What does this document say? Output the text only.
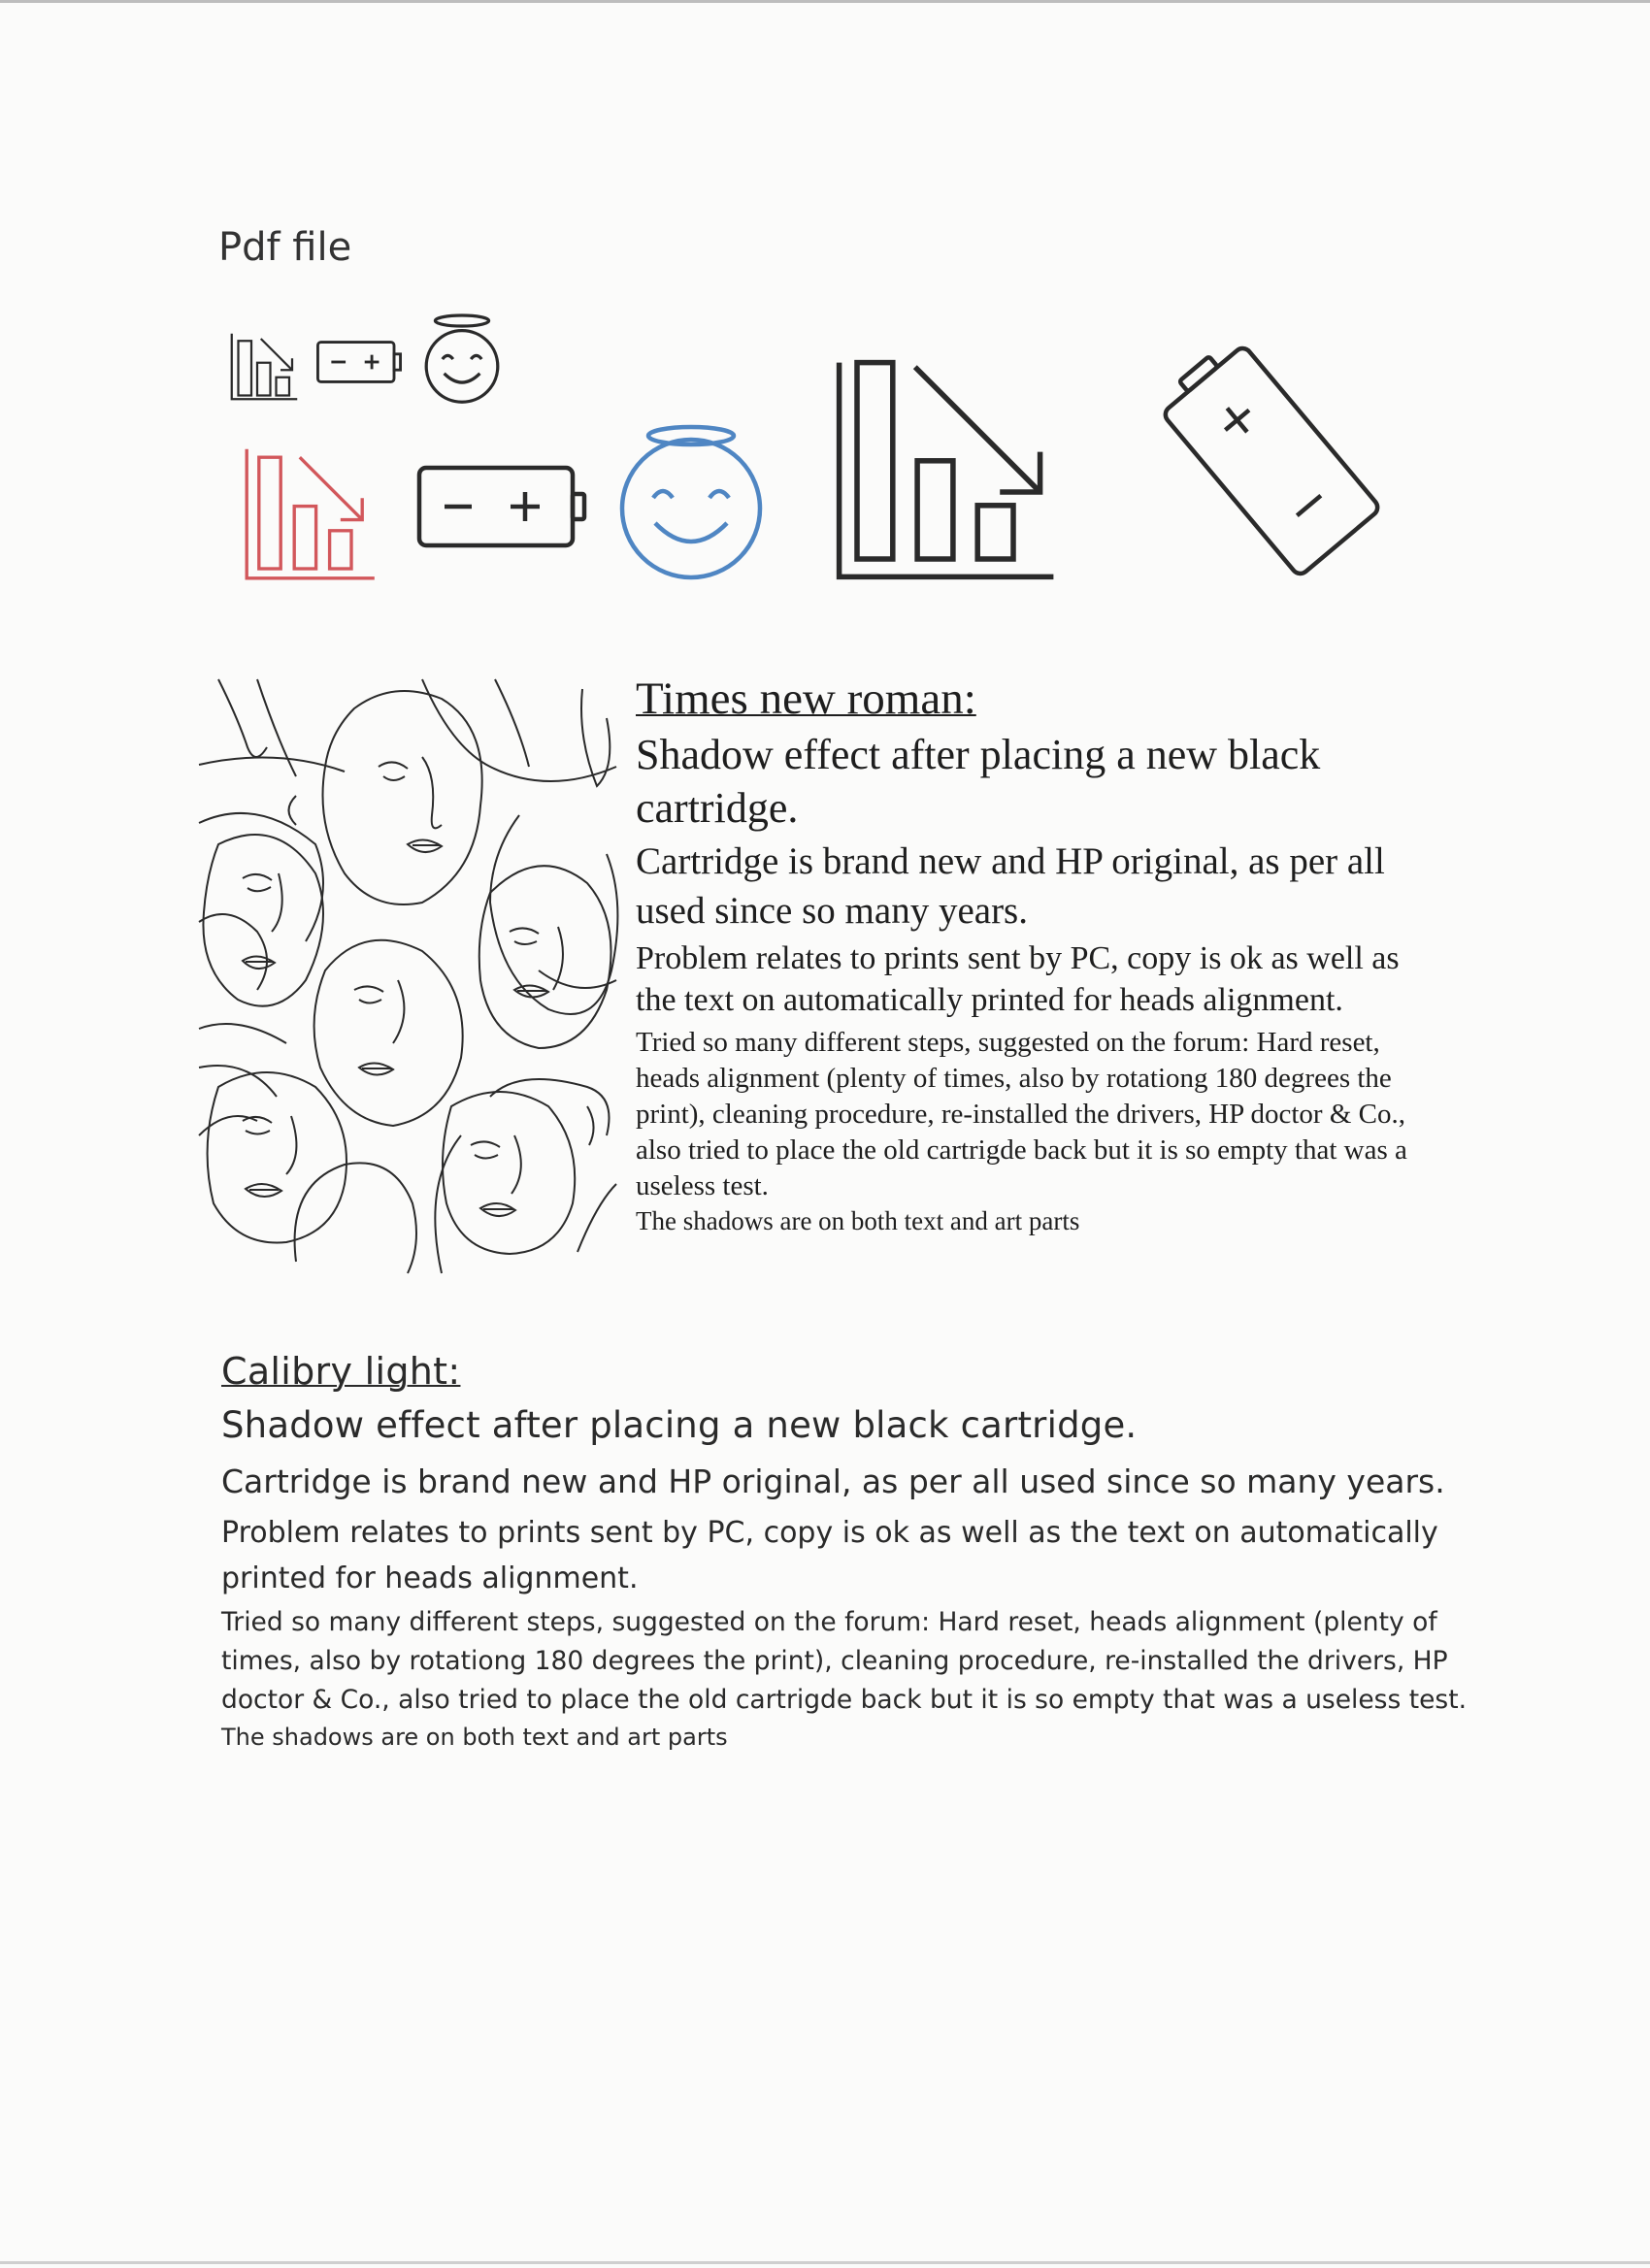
Pdf file
Times new roman:
Shadow effect after placing a new black cartridge.
Cartridge is brand new and HP original, as per all used since so many years.
Problem relates to prints sent by PC, copy is ok as well as the text on automatically printed for heads alignment.
Tried so many different steps, suggested on the forum: Hard reset, heads alignment (plenty of times, also by rotationg 180 degrees the print), cleaning procedure, re-installed the drivers, HP doctor & Co., also tried to place the old cartrigde back but it is so empty that was a useless test.
The shadows are on both text and art parts
Calibry light:
Shadow effect after placing a new black cartridge.
Cartridge is brand new and HP original, as per all used since so many years.
Problem relates to prints sent by PC, copy is ok as well as the text on automatically printed for heads alignment.
Tried so many different steps, suggested on the forum: Hard reset, heads alignment (plenty of times, also by rotationg 180 degrees the print), cleaning procedure, re-installed the drivers, HP doctor & Co., also tried to place the old cartrigde back but it is so empty that was a useless test.
The shadows are on both text and art parts
